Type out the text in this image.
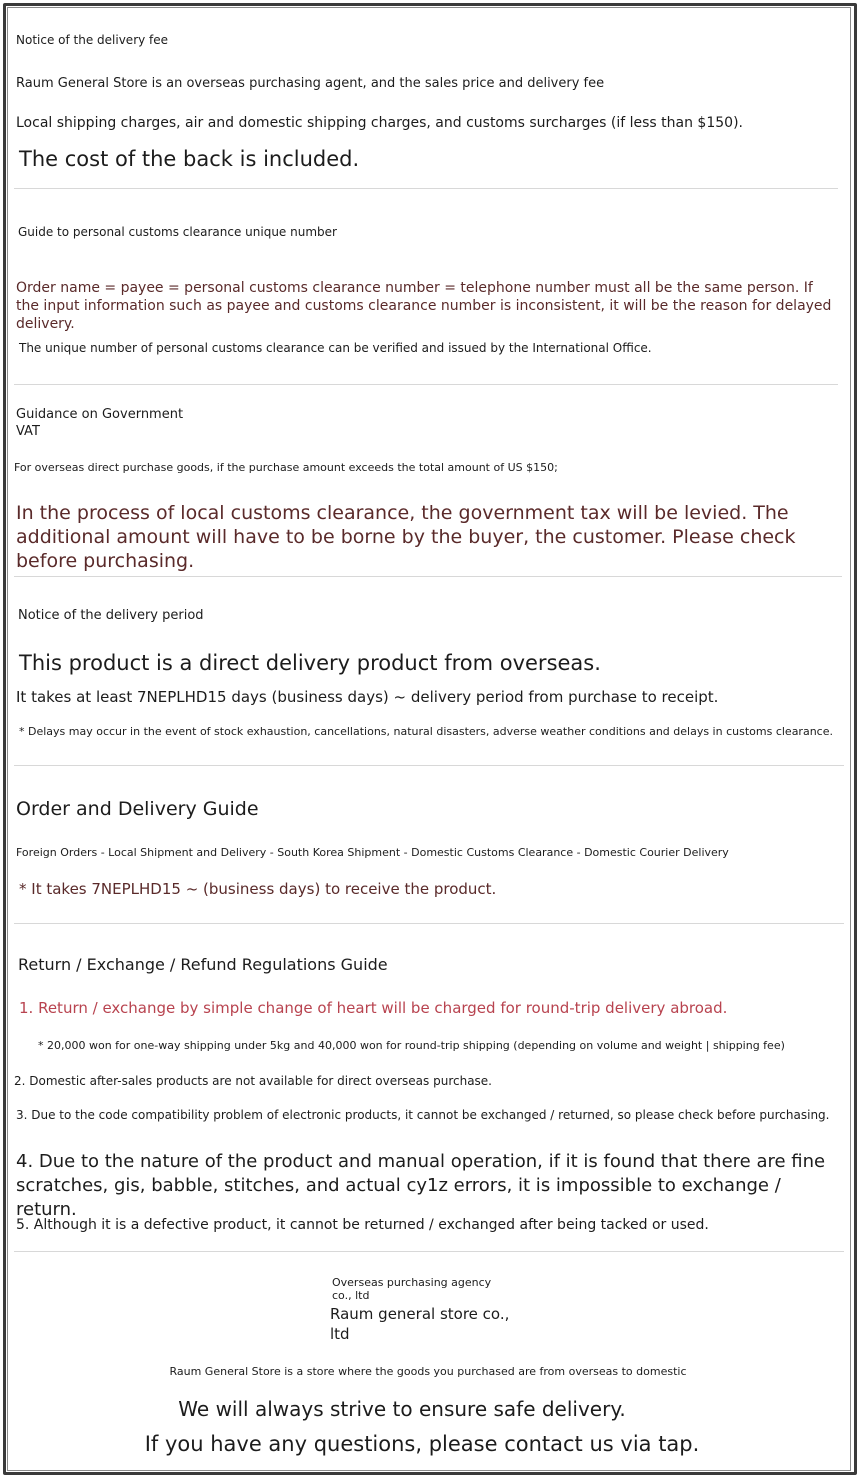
Notice of the delivery fee
Raum General Store is an overseas purchasing agent, and the sales price and delivery fee
Local shipping charges, air and domestic shipping charges, and customs surcharges (if less than $150).
The cost of the back is included.
Guide to personal customs clearance unique number
Order name = payee = personal customs clearance number = telephone number must all be the same person. If the input information such as payee and customs clearance number is inconsistent, it will be the reason for delayed delivery.
The unique number of personal customs clearance can be verified and issued by the International Office.
Guidance on Government
VAT
For overseas direct purchase goods, if the purchase amount exceeds the total amount of US $150;
In the process of local customs clearance, the government tax will be levied. The additional amount will have to be borne by the buyer, the customer. Please check before purchasing.
Notice of the delivery period
This product is a direct delivery product from overseas.
It takes at least 7NEPLHD15 days (business days) ~ delivery period from purchase to receipt.
* Delays may occur in the event of stock exhaustion, cancellations, natural disasters, adverse weather conditions and delays in customs clearance.
Order and Delivery Guide
Foreign Orders - Local Shipment and Delivery - South Korea Shipment - Domestic Customs Clearance - Domestic Courier Delivery
* It takes 7NEPLHD15 ~ (business days) to receive the product.
Return / Exchange / Refund Regulations Guide
1. Return / exchange by simple change of heart will be charged for round-trip delivery abroad.
* 20,000 won for one-way shipping under 5kg and 40,000 won for round-trip shipping (depending on volume and weight | shipping fee)
2. Domestic after-sales products are not available for direct overseas purchase.
3. Due to the code compatibility problem of electronic products, it cannot be exchanged / returned, so please check before purchasing.
4. Due to the nature of the product and manual operation, if it is found that there are fine scratches, gis, babble, stitches, and actual cy1z errors, it is impossible to exchange / return.
5. Although it is a defective product, it cannot be returned / exchanged after being tacked or used.
Overseas purchasing agency co., ltd
Raum general store co., ltd
Raum General Store is a store where the goods you purchased are from overseas to domestic
We will always strive to ensure safe delivery.
If you have any questions, please contact us via tap.
